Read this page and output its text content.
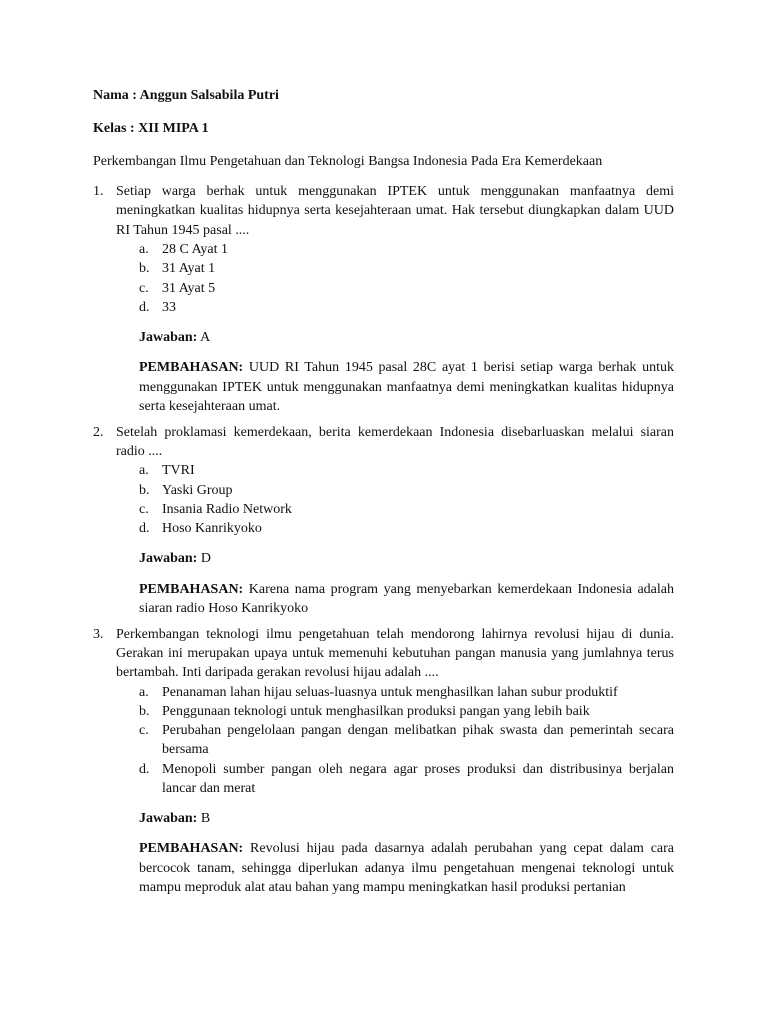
Nama : Anggun Salsabila Putri

Kelas : XII MIPA 1

Perkembangan Ilmu Pengetahuan dan Teknologi Bangsa Indonesia Pada Era Kemerdekaan

1. Setiap warga berhak untuk menggunakan IPTEK untuk menggunakan manfaatnya demi meningkatkan kualitas hidupnya serta kesejahteraan umat. Hak tersebut diungkapkan dalam UUD RI Tahun 1945 pasal ....
a. 28 C Ayat 1
b. 31 Ayat 1
c. 31 Ayat 5
d. 33

Jawaban: A

PEMBAHASAN: UUD RI Tahun 1945 pasal 28C ayat 1 berisi setiap warga berhak untuk menggunakan IPTEK untuk menggunakan manfaatnya demi meningkatkan kualitas hidupnya serta kesejahteraan umat.

2. Setelah proklamasi kemerdekaan, berita kemerdekaan Indonesia disebarluaskan melalui siaran radio ....
a. TVRI
b. Yaski Group
c. Insania Radio Network
d. Hoso Kanrikyoko

Jawaban: D

PEMBAHASAN: Karena nama program yang menyebarkan kemerdekaan Indonesia adalah siaran radio Hoso Kanrikyoko

3. Perkembangan teknologi ilmu pengetahuan telah mendorong lahirnya revolusi hijau di dunia. Gerakan ini merupakan upaya untuk memenuhi kebutuhan pangan manusia yang jumlahnya terus bertambah. Inti daripada gerakan revolusi hijau adalah ....
a. Penanaman lahan hijau seluas-luasnya untuk menghasilkan lahan subur produktif
b. Penggunaan teknologi untuk menghasilkan produksi pangan yang lebih baik
c. Perubahan pengelolaan pangan dengan melibatkan pihak swasta dan pemerintah secara bersama
d. Menopoli sumber pangan oleh negara agar proses produksi dan distribusinya berjalan lancar dan merat

Jawaban: B

PEMBAHASAN: Revolusi hijau pada dasarnya adalah perubahan yang cepat dalam cara bercocok tanam, sehingga diperlukan adanya ilmu pengetahuan mengenai teknologi untuk mampu meproduk alat atau bahan yang mampu meningkatkan hasil produksi pertanian
